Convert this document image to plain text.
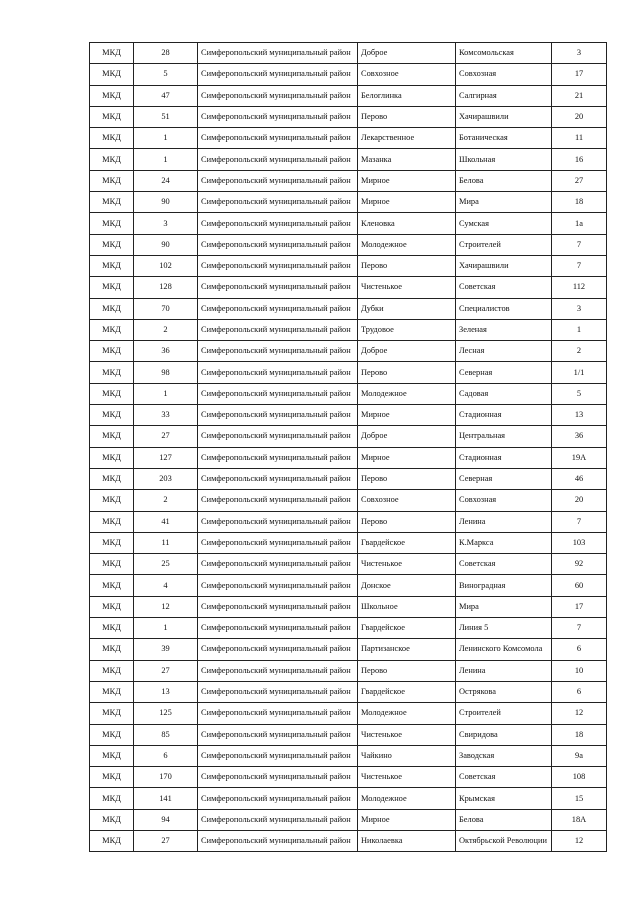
МКД	28	Симферопольский муниципальный район	Доброе	Комсомольская	3
МКД	5	Симферопольский муниципальный район	Совхозное	Совхозная	17
МКД	47	Симферопольский муниципальный район	Белоглинка	Салгирная	21
МКД	51	Симферопольский муниципальный район	Перово	Хачирашвили	20
МКД	1	Симферопольский муниципальный район	Лекарственное	Ботаническая	11
МКД	1	Симферопольский муниципальный район	Мазанка	Школьная	16
МКД	24	Симферопольский муниципальный район	Мирное	Белова	27
МКД	90	Симферопольский муниципальный район	Мирное	Мира	18
МКД	3	Симферопольский муниципальный район	Кленовка	Сумская	1а
МКД	90	Симферопольский муниципальный район	Молодежное	Строителей	7
МКД	102	Симферопольский муниципальный район	Перово	Хачирашвили	7
МКД	128	Симферопольский муниципальный район	Чистенькое	Советская	112
МКД	70	Симферопольский муниципальный район	Дубки	Специалистов	3
МКД	2	Симферопольский муниципальный район	Трудовое	Зеленая	1
МКД	36	Симферопольский муниципальный район	Доброе	Лесная	2
МКД	98	Симферопольский муниципальный район	Перово	Северная	1/1
МКД	1	Симферопольский муниципальный район	Молодежное	Садовая	5
МКД	33	Симферопольский муниципальный район	Мирное	Стадионная	13
МКД	27	Симферопольский муниципальный район	Доброе	Центральная	36
МКД	127	Симферопольский муниципальный район	Мирное	Стадионная	19А
МКД	203	Симферопольский муниципальный район	Перово	Северная	46
МКД	2	Симферопольский муниципальный район	Совхозное	Совхозная	20
МКД	41	Симферопольский муниципальный район	Перово	Ленина	7
МКД	11	Симферопольский муниципальный район	Гвардейское	К.Маркса	103
МКД	25	Симферопольский муниципальный район	Чистенькое	Советская	92
МКД	4	Симферопольский муниципальный район	Донское	Виноградная	60
МКД	12	Симферопольский муниципальный район	Школьное	Мира	17
МКД	1	Симферопольский муниципальный район	Гвардейское	Линия 5	7
МКД	39	Симферопольский муниципальный район	Партизанское	Ленинского Комсомола	6
МКД	27	Симферопольский муниципальный район	Перово	Ленина	10
МКД	13	Симферопольский муниципальный район	Гвардейское	Острякова	6
МКД	125	Симферопольский муниципальный район	Молодежное	Строителей	12
МКД	85	Симферопольский муниципальный район	Чистенькое	Свиридова	18
МКД	6	Симферопольский муниципальный район	Чайкино	Заводская	9а
МКД	170	Симферопольский муниципальный район	Чистенькое	Советская	108
МКД	141	Симферопольский муниципальный район	Молодежное	Крымская	15
МКД	94	Симферопольский муниципальный район	Мирное	Белова	18А
МКД	27	Симферопольский муниципальный район	Николаевка	Октябрьской Революции	12
